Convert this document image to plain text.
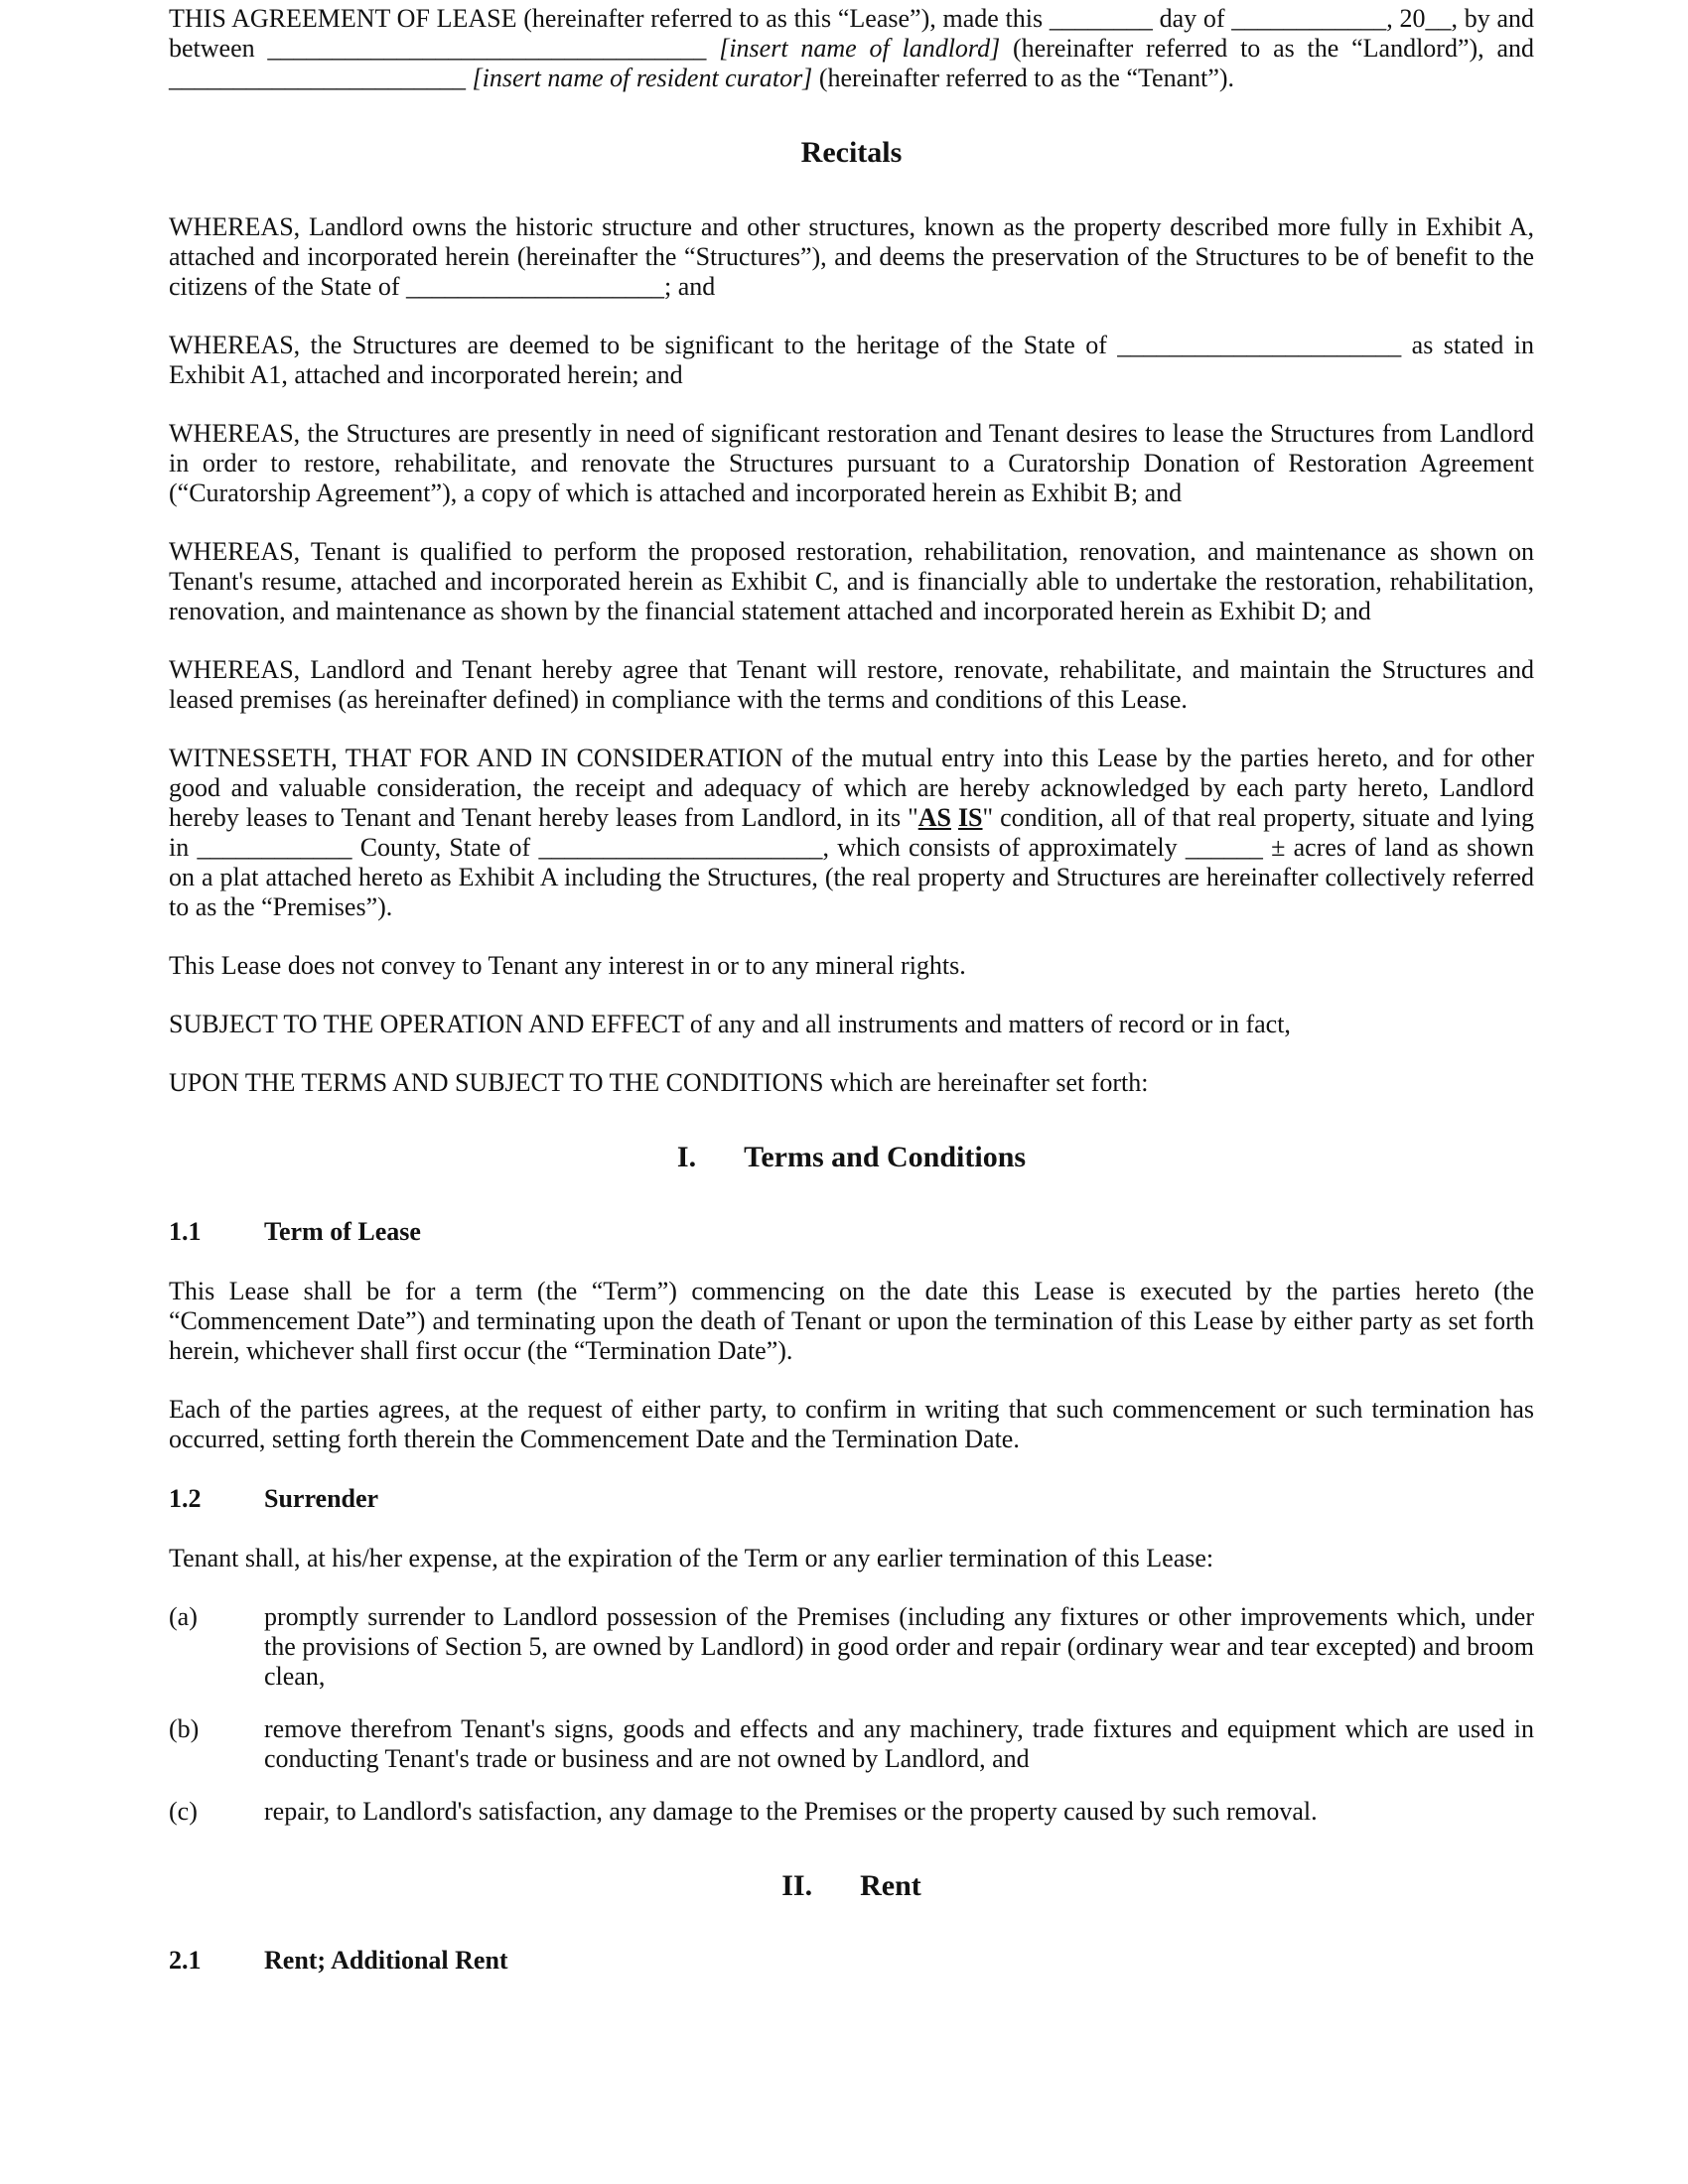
THIS AGREEMENT OF LEASE (hereinafter referred to as this “Lease”), made this ________ day of ____________, 20__, by and between __________________________________ [insert name of landlord] (hereinafter referred to as the “Landlord”), and _______________________ [insert name of resident curator] (hereinafter referred to as the “Tenant”).

Recitals

WHEREAS, Landlord owns the historic structure and other structures, known as the property described more fully in Exhibit A, attached and incorporated herein (hereinafter the “Structures”), and deems the preservation of the Structures to be of benefit to the citizens of the State of ____________________; and

WHEREAS, the Structures are deemed to be significant to the heritage of the State of ______________________ as stated in Exhibit A1, attached and incorporated herein; and

WHEREAS, the Structures are presently in need of significant restoration and Tenant desires to lease the Structures from Landlord in order to restore, rehabilitate, and renovate the Structures pursuant to a Curatorship Donation of Restoration Agreement (“Curatorship Agreement”), a copy of which is attached and incorporated herein as Exhibit B; and

WHEREAS, Tenant is qualified to perform the proposed restoration, rehabilitation, renovation, and maintenance as shown on Tenant's resume, attached and incorporated herein as Exhibit C, and is financially able to undertake the restoration, rehabilitation, renovation, and maintenance as shown by the financial statement attached and incorporated herein as Exhibit D; and

WHEREAS, Landlord and Tenant hereby agree that Tenant will restore, renovate, rehabilitate, and maintain the Structures and leased premises (as hereinafter defined) in compliance with the terms and conditions of this Lease.

WITNESSETH, THAT FOR AND IN CONSIDERATION of the mutual entry into this Lease by the parties hereto, and for other good and valuable consideration, the receipt and adequacy of which are hereby acknowledged by each party hereto, Landlord hereby leases to Tenant and Tenant hereby leases from Landlord, in its "AS IS" condition, all of that real property, situate and lying in ____________ County, State of ______________________, which consists of approximately ______ ± acres of land as shown on a plat attached hereto as Exhibit A including the Structures, (the real property and Structures are hereinafter collectively referred to as the “Premises”).

This Lease does not convey to Tenant any interest in or to any mineral rights.

SUBJECT TO THE OPERATION AND EFFECT of any and all instruments and matters of record or in fact,

UPON THE TERMS AND SUBJECT TO THE CONDITIONS which are hereinafter set forth:

I. Terms and Conditions
1.1 Term of Lease

This Lease shall be for a term (the “Term”) commencing on the date this Lease is executed by the parties hereto (the “Commencement Date”) and terminating upon the death of Tenant or upon the termination of this Lease by either party as set forth herein, whichever shall first occur (the “Termination Date”).

Each of the parties agrees, at the request of either party, to confirm in writing that such commencement or such termination has occurred, setting forth therein the Commencement Date and the Termination Date.

1.2 Surrender

Tenant shall, at his/her expense, at the expiration of the Term or any earlier termination of this Lease:

(a)	promptly surrender to Landlord possession of the Premises (including any fixtures or other improvements which, under the provisions of Section 5, are owned by Landlord) in good order and repair (ordinary wear and tear excepted) and broom clean,
(b)	remove therefrom Tenant's signs, goods and effects and any machinery, trade fixtures and equipment which are used in conducting Tenant's trade or business and are not owned by Landlord, and
(c)	repair, to Landlord's satisfaction, any damage to the Premises or the property caused by such removal.
II. Rent
2.1 Rent; Additional Rent
